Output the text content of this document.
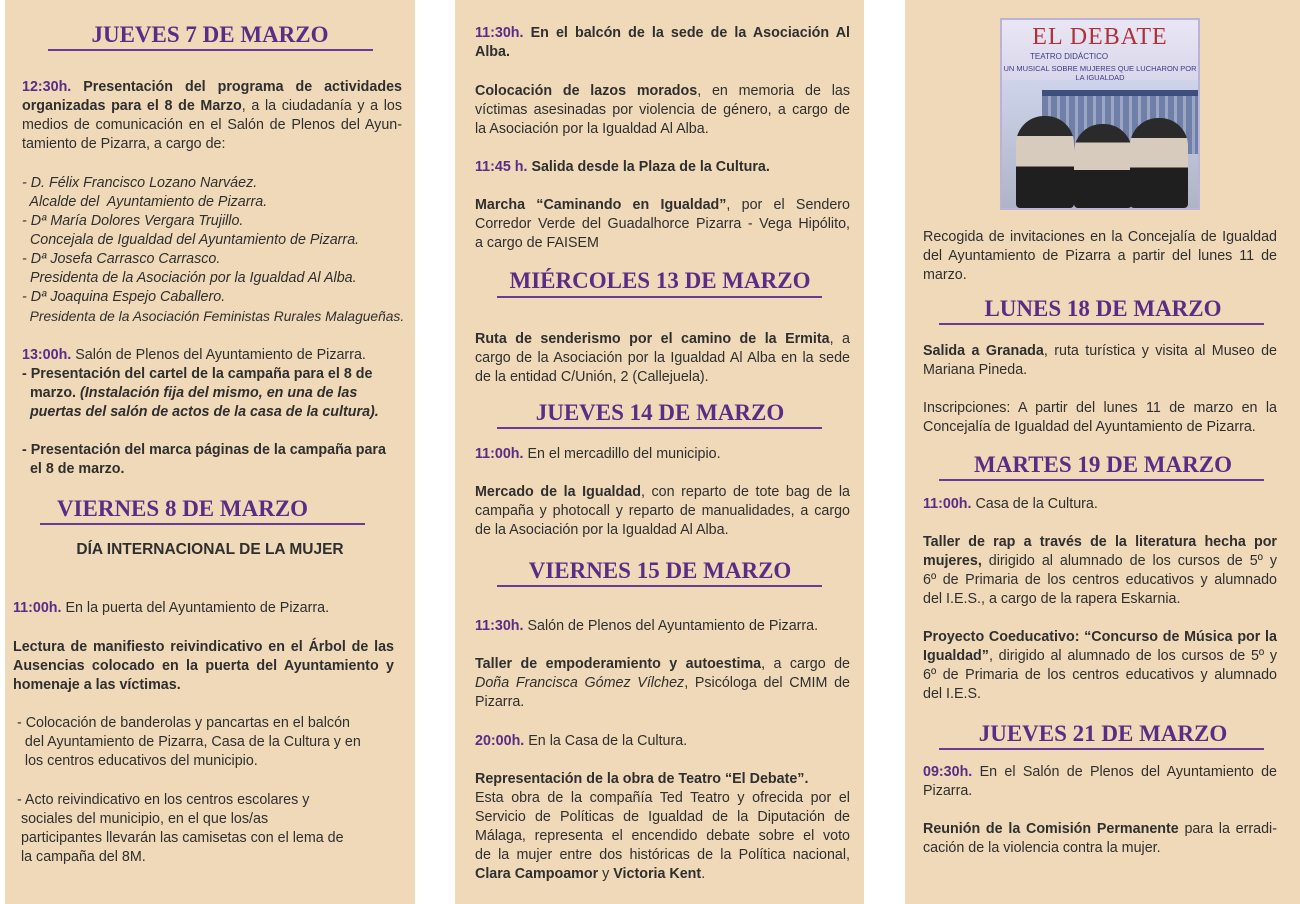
JUEVES 7 DE MARZO

12:30h. Presentación del programa de actividades

organizadas para el 8 de Marzo, a la ciudadanía y a los

medios de comunicación en el Salón de Plenos del Ayun-

tamiento de Pizarra, a cargo de:

- D. Félix Francisco Lozano Narváez.

Alcalde del  Ayuntamiento de Pizarra.

- Dª María Dolores Vergara Trujillo.

Concejala de Igualdad del Ayuntamiento de Pizarra.

- Dª Josefa Carrasco Carrasco.

Presidenta de la Asociación por la Igualdad Al Alba.

- Dª Joaquina Espejo Caballero.

Presidenta de la Asociación Feministas Rurales Malagueñas.

13:00h. Salón de Plenos del Ayuntamiento de Pizarra.

- Presentación del cartel de la campaña para el 8 de

marzo. (Instalación fija del mismo, en una de las

puertas del salón de actos de la casa de la cultura).

- Presentación del marca páginas de la campaña para

el 8 de marzo.

VIERNES 8 DE MARZO

DÍA INTERNACIONAL DE LA MUJER

11:00h. En la puerta del Ayuntamiento de Pizarra.

Lectura de manifiesto reivindicativo en el Árbol de las

Ausencias colocado en la puerta del Ayuntamiento y

homenaje a las víctimas.

- Colocación de banderolas y pancartas en el balcón

del Ayuntamiento de Pizarra, Casa de la Cultura y en

los centros educativos del municipio.

- Acto reivindicativo en los centros escolares y

sociales del municipio, en el que los/as

participantes llevarán las camisetas con el lema de

la campaña del 8M.

11:30h. En el balcón de la sede de la Asociación Al

Alba.

Colocación de lazos morados, en memoria de las

víctimas asesinadas por violencia de género, a cargo de

la Asociación por la Igualdad Al Alba.

11:45 h. Salida desde la Plaza de la Cultura.

Marcha “Caminando en Igualdad”, por el Sendero

Corredor Verde del Guadalhorce Pizarra - Vega Hipólito,

a cargo de FAISEM

MIÉRCOLES 13 DE MARZO

Ruta de senderismo por el camino de la Ermita, a

cargo de la Asociación por la Igualdad Al Alba en la sede

de la entidad C/Unión, 2 (Callejuela).

JUEVES 14 DE MARZO

11:00h. En el mercadillo del municipio.

Mercado de la Igualdad, con reparto de tote bag de la

campaña y photocall y reparto de manualidades, a cargo

de la Asociación por la Igualdad Al Alba.

VIERNES 15 DE MARZO

11:30h. Salón de Plenos del Ayuntamiento de Pizarra.

Taller de empoderamiento y autoestima, a cargo de

Doña Francisca Gómez Vílchez, Psicóloga del CMIM de

Pizarra.

20:00h. En la Casa de la Cultura.

Representación de la obra de Teatro “El Debate”.

Esta obra de la compañía Ted Teatro y ofrecida por el

Servicio de Políticas de Igualdad de la Diputación de

Málaga, representa el encendido debate sobre el voto

de la mujer entre dos históricas de la Política nacional,

Clara Campoamor y Victoria Kent.

EL DEBATE
TEATRO DIDÁCTICO
UN MUSICAL SOBRE MUJERES QUE LUCHARON POR LA IGUALDAD

Recogida de invitaciones en la Concejalía de Igualdad

del Ayuntamiento de Pizarra a partir del lunes 11 de

marzo.

LUNES 18 DE MARZO

Salida a Granada, ruta turística y visita al Museo de

Mariana Pineda.

Inscripciones: A partir del lunes 11 de marzo en la

Concejalía de Igualdad del Ayuntamiento de Pizarra.

MARTES 19 DE MARZO

11:00h. Casa de la Cultura.

Taller de rap a través de la literatura hecha por

mujeres, dirigido al alumnado de los cursos de 5º y

6º de Primaria de los centros educativos y alumnado

del I.E.S., a cargo de la rapera Eskarnia.

Proyecto Coeducativo: “Concurso de Música por la

Igualdad”, dirigido al alumnado de los cursos de 5º y

6º de Primaria de los centros educativos y alumnado

del I.E.S.

JUEVES 21 DE MARZO

09:30h. En el Salón de Plenos del Ayuntamiento de

Pizarra.

Reunión de la Comisión Permanente para la erradi-

cación de la violencia contra la mujer.
